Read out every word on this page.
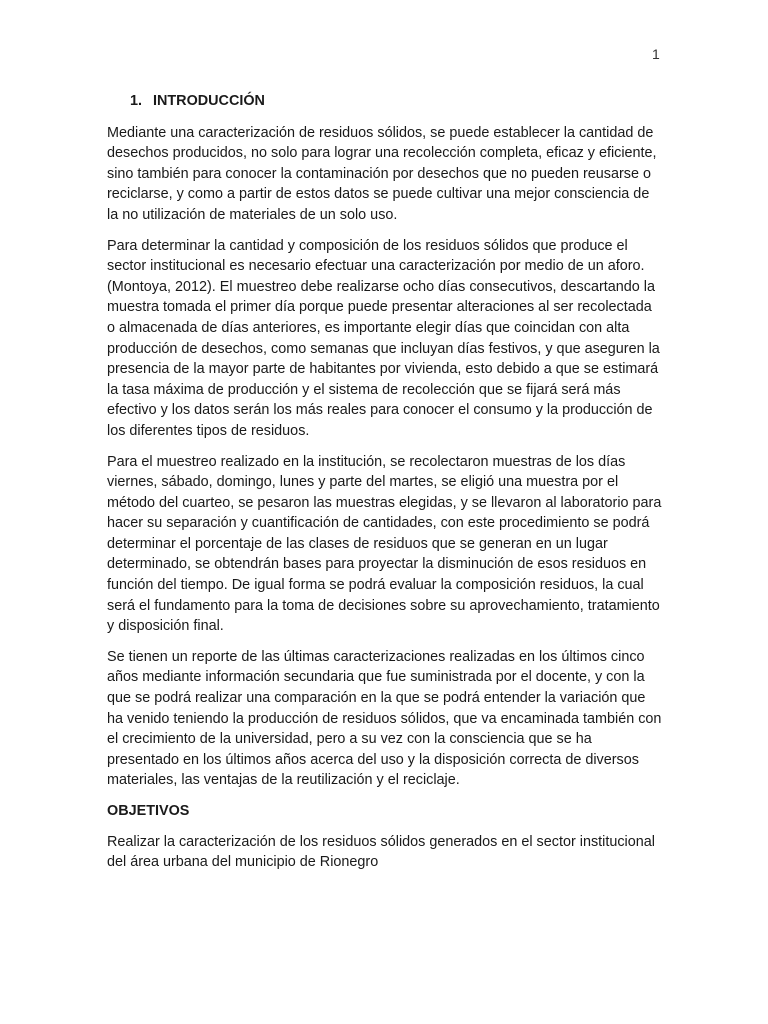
1
1. INTRODUCCIÓN

Mediante una caracterización de residuos sólidos, se puede establecer la cantidad de desechos producidos, no solo para lograr una recolección completa, eficaz y eficiente, sino también para conocer la contaminación por desechos que no pueden reusarse o reciclarse, y como a partir de estos datos se puede cultivar una mejor consciencia de la no utilización de materiales de un solo uso.

Para determinar la cantidad y composición de los residuos sólidos que produce el sector institucional es necesario efectuar una caracterización por medio de un aforo. (Montoya, 2012). El muestreo debe realizarse ocho días consecutivos, descartando la muestra tomada el primer día porque puede presentar alteraciones al ser recolectada o almacenada de días anteriores, es importante elegir días que coincidan con alta producción de desechos, como semanas que incluyan días festivos, y que aseguren la presencia de la mayor parte de habitantes por vivienda, esto debido a que se estimará la tasa máxima de producción y el sistema de recolección que se fijará será más efectivo y los datos serán los más reales para conocer el consumo y la producción de los diferentes tipos de residuos.

Para el muestreo realizado en la institución, se recolectaron muestras de los días viernes, sábado, domingo, lunes y parte del martes, se eligió una muestra por el método del cuarteo, se pesaron las muestras elegidas, y se llevaron al laboratorio para hacer su separación y cuantificación de cantidades, con este procedimiento se podrá determinar el porcentaje de las clases de residuos que se generan en un lugar determinado, se obtendrán bases para proyectar la disminución de esos residuos en función del tiempo. De igual forma se podrá evaluar la composición residuos, la cual será el fundamento para la toma de decisiones sobre su aprovechamiento, tratamiento y disposición final.

Se tienen un reporte de las últimas caracterizaciones realizadas en los últimos cinco años mediante información secundaria que fue suministrada por el docente, y con la que se podrá realizar una comparación en la que se podrá entender la variación que ha venido teniendo la producción de residuos sólidos, que va encaminada también con el crecimiento de la universidad, pero a su vez con la consciencia que se ha presentado en los últimos años acerca del uso y la disposición correcta de diversos materiales, las ventajas de la reutilización y el reciclaje.

OBJETIVOS

Realizar la caracterización de los residuos sólidos generados en el sector institucional del área urbana del municipio de Rionegro
